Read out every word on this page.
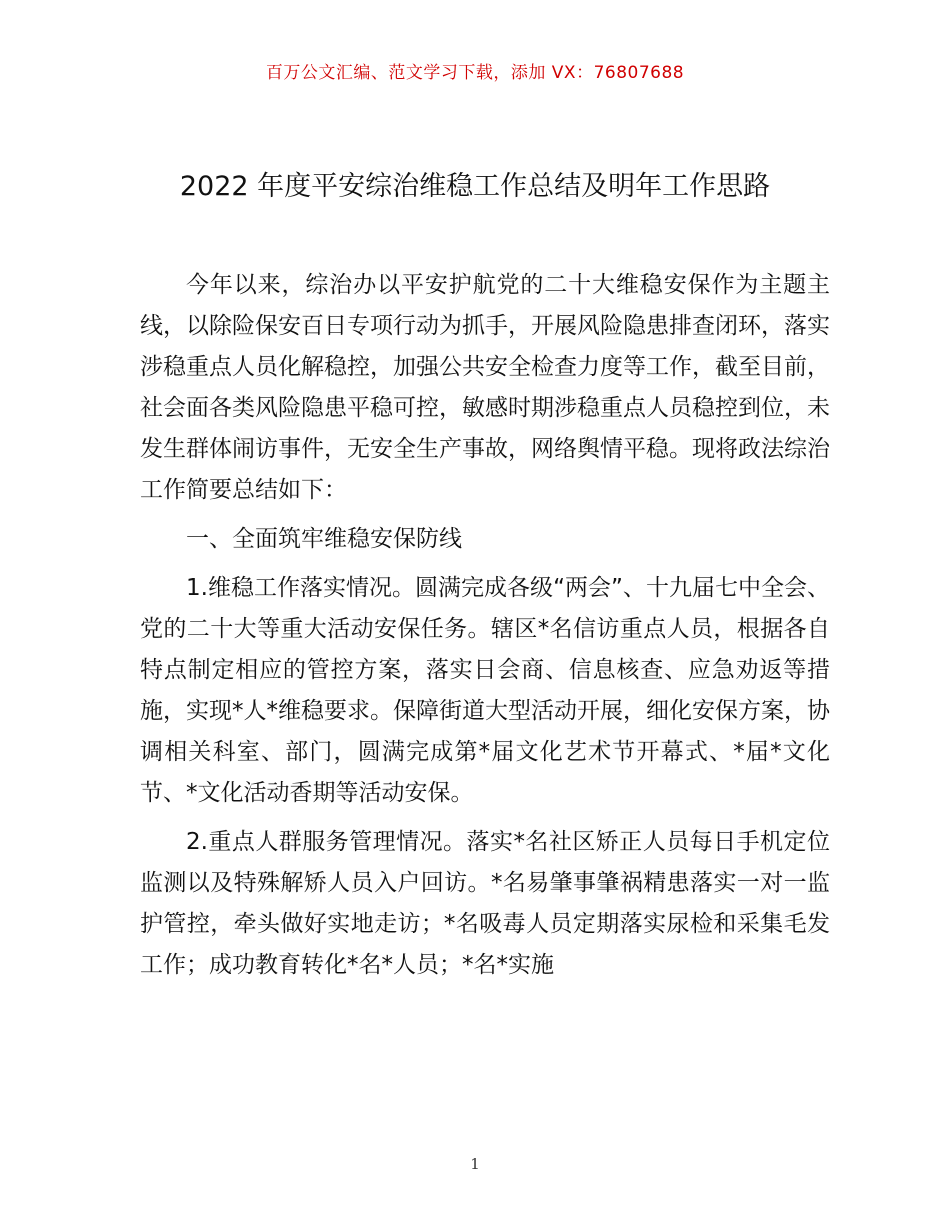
百万公文汇编、范文学习下载，添加 VX：76807688
2022 年度平安综治维稳工作总结及明年工作思路

今年以来，综治办以平安护航党的二十大维稳安保作为主题主线，以除险保安百日专项行动为抓手，开展风险隐患排查闭环，落实涉稳重点人员化解稳控，加强公共安全检查力度等工作，截至目前，社会面各类风险隐患平稳可控，敏感时期涉稳重点人员稳控到位，未发生群体闹访事件，无安全生产事故，网络舆情平稳。现将政法综治工作简要总结如下：

一、全面筑牢维稳安保防线

1.维稳工作落实情况。圆满完成各级“两会”、十九届七中全会、党的二十大等重大活动安保任务。辖区*名信访重点人员，根据各自特点制定相应的管控方案，落实日会商、信息核查、应急劝返等措施，实现*人*维稳要求。保障街道大型活动开展，细化安保方案，协调相关科室、部门，圆满完成第*届文化艺术节开幕式、*届*文化节、*文化活动香期等活动安保。

2.重点人群服务管理情况。落实*名社区矫正人员每日手机定位监测以及特殊解矫人员入户回访。*名易肇事肇祸精患落实一对一监护管控，牵头做好实地走访；*名吸毒人员定期落实尿检和采集毛发工作；成功教育转化*名*人员；*名*实施

1
